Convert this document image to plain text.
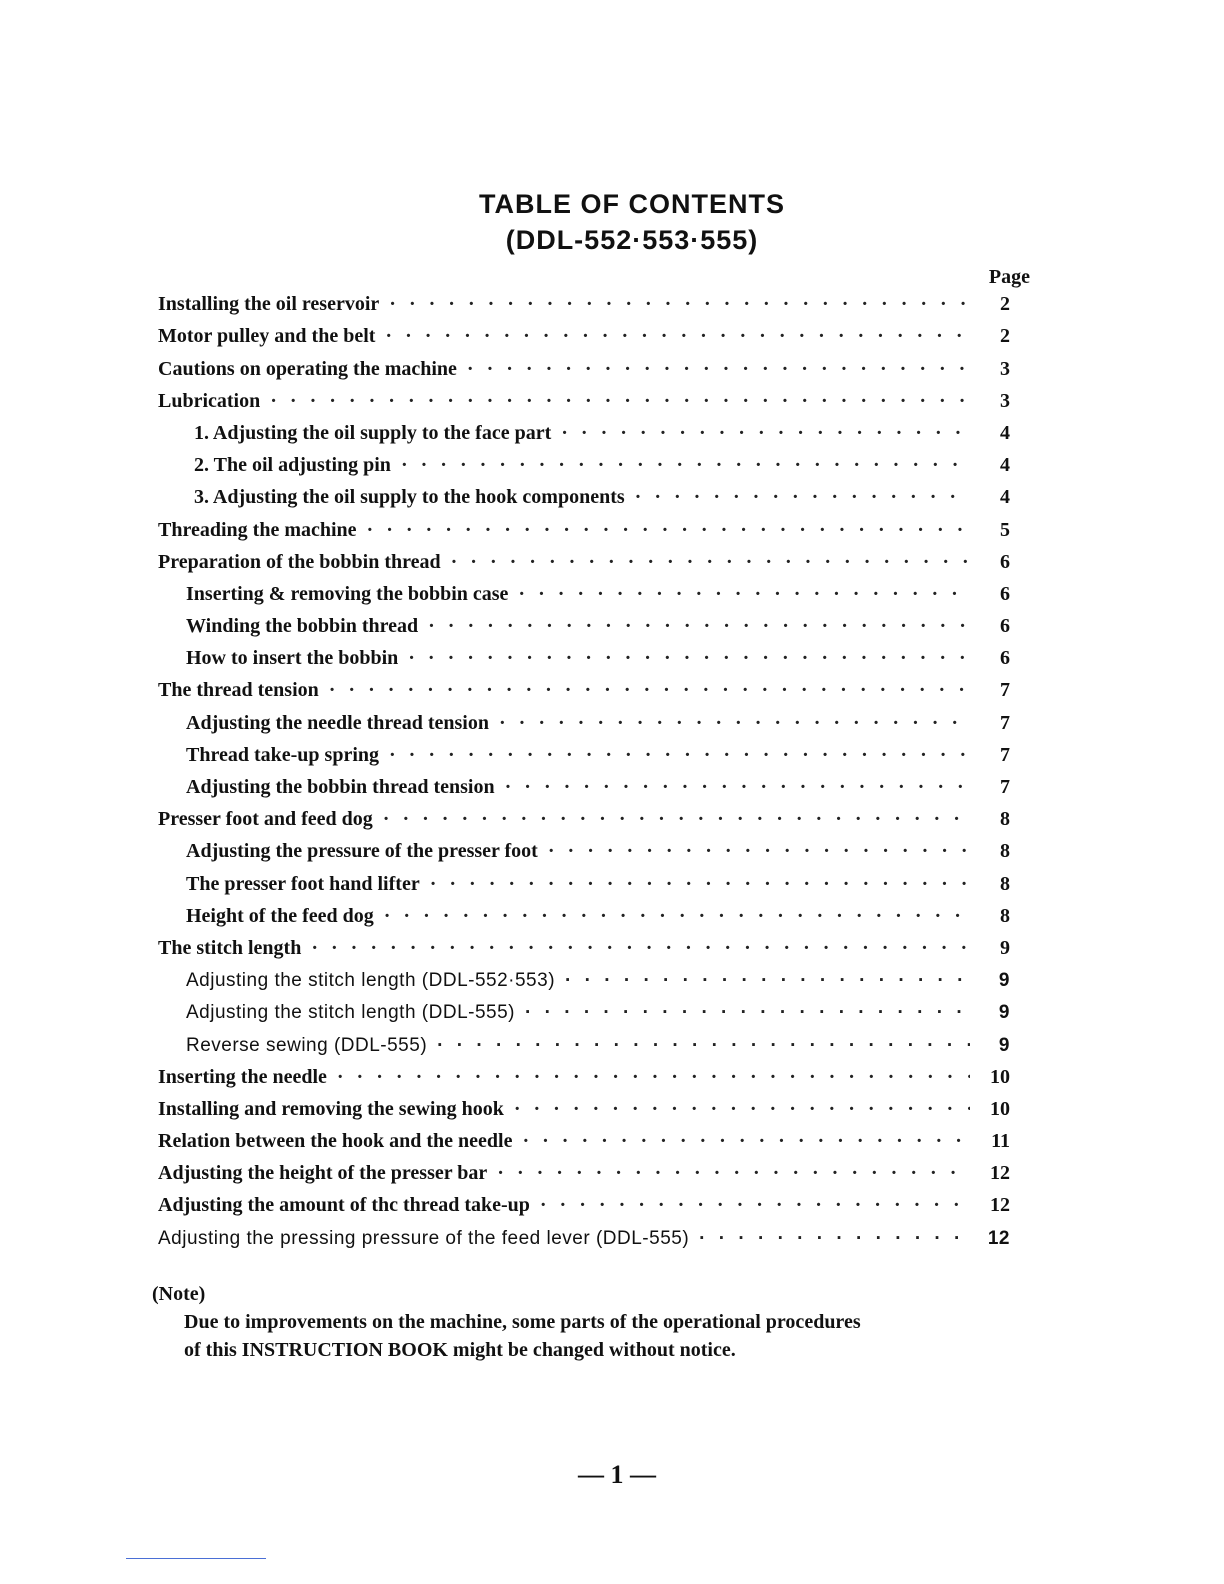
TABLE OF CONTENTS
(DDL-552·553·555)
Page
Installing the oil reservoir · · ·	2
Motor pulley and the belt · · ·	2
Cautions on operating the machine · · ·	3
Lubrication · · ·	3
1. Adjusting the oil supply to the face part · · ·	4
2. The oil adjusting pin · · ·	4
3. Adjusting the oil supply to the hook components · · ·	4
Threading the machine · · ·	5
Preparation of the bobbin thread · · ·	6
Inserting & removing the bobbin case · · ·	6
Winding the bobbin thread · · ·	6
How to insert the bobbin · · ·	6
The thread tension · · ·	7
Adjusting the needle thread tension · · ·	7
Thread take-up spring · · ·	7
Adjusting the bobbin thread tension · · ·	7
Presser foot and feed dog · · ·	8
Adjusting the pressure of the presser foot · · ·	8
The presser foot hand lifter · · ·	8
Height of the feed dog · · ·	8
The stitch length · · ·	9
Adjusting the stitch length (DDL-552·553) · · ·	9
Adjusting the stitch length (DDL-555) · · ·	9
Reverse sewing (DDL-555) · · ·	9
Inserting the needle · · ·	10
Installing and removing the sewing hook · · ·	10
Relation between the hook and the needle · · ·	11
Adjusting the height of the presser bar · · ·	12
Adjusting the amount of thc thread take-up · · ·	12
Adjusting the pressing pressure of the feed lever (DDL-555) · · ·	12
(Note)
Due to improvements on the machine, some parts of the operational procedures
of this INSTRUCTION BOOK might be changed without notice.
— 1 —
